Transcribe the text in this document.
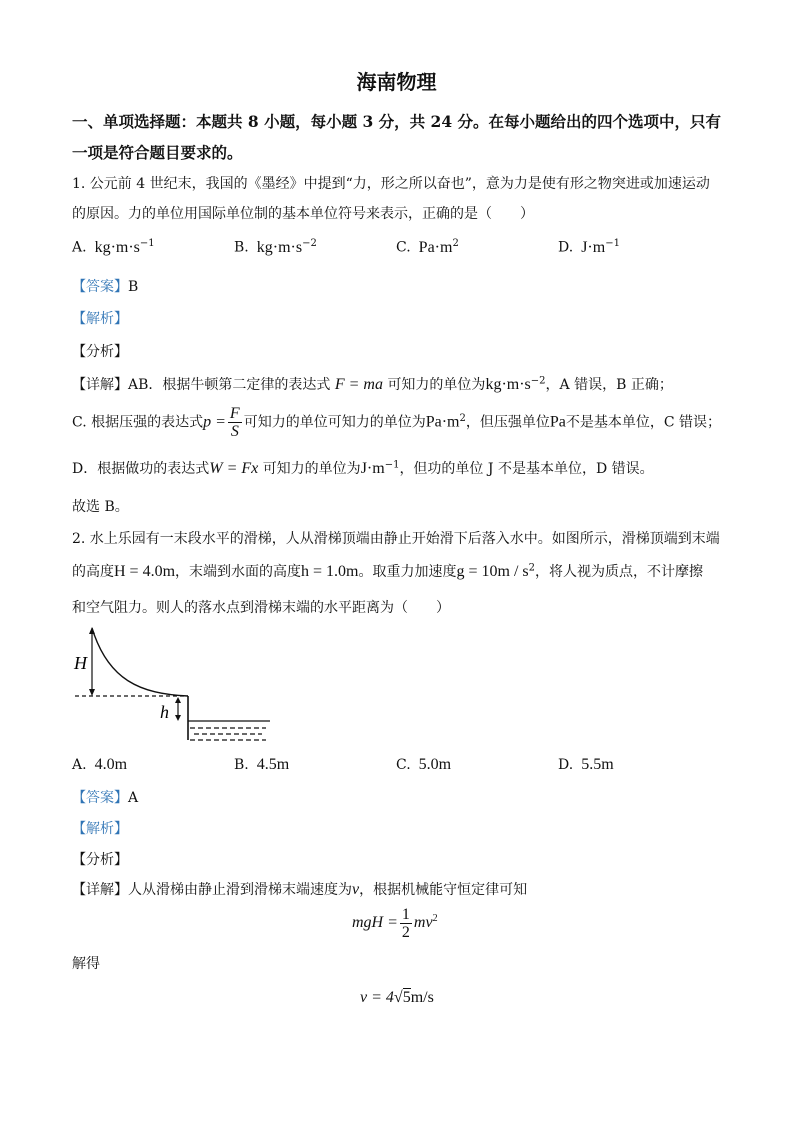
海南物理
一、单项选择题：本题共 8 小题，每小题 3 分，共 24 分。在每小题给出的四个选项中，只有
一项是符合题目要求的。
1. 公元前 4 世纪末，我国的《墨经》中提到“力，形之所以奋也”，意为力是使有形之物突进或加速运动
的原因。力的单位用国际单位制的基本单位符号来表示，正确的是（　　）
A. $kg\cdot m\cdot s^{-1}$	B. $kg\cdot m\cdot s^{-2}$	C. $Pa\cdot m^2$	D. $J\cdot m^{-1}$
【答案】B
【解析】
【分析】
【详解】AB．根据牛顿第二定律的表达式 F = ma 可知力的单位为$kg\cdot m\cdot s^{-2}$，A 错误，B 正确；
C. 根据压强的表达式$p = \frac{F}{S}$ 可知力的单位可知力的单位为$Pa\cdot m^2$，但压强单位Pa不是基本单位，C 错误；
D．根据做功的表达式W = Fx 可知力的单位为$J\cdot m^{-1}$，但功的单位 J 不是基本单位，D 错误。
故选 B。
2. 水上乐园有一末段水平的滑梯，人从滑梯顶端由静止开始滑下后落入水中。如图所示，滑梯顶端到末端
的高度H = 4.0m，末端到水面的高度h = 1.0m。取重力加速度$g = 10m / s^2$，将人视为质点，不计摩擦
和空气阻力。则人的落水点到滑梯末端的水平距离为（　　）
H
h
A. 4.0m	B. 4.5m	C. 5.0m	D. 5.5m
【答案】A
【解析】
【分析】
【详解】人从滑梯由静止滑到滑梯末端速度为v，根据机械能守恒定律可知
mgH = $\frac{1}{2} mv^2$
解得
v = 4√5m/s
